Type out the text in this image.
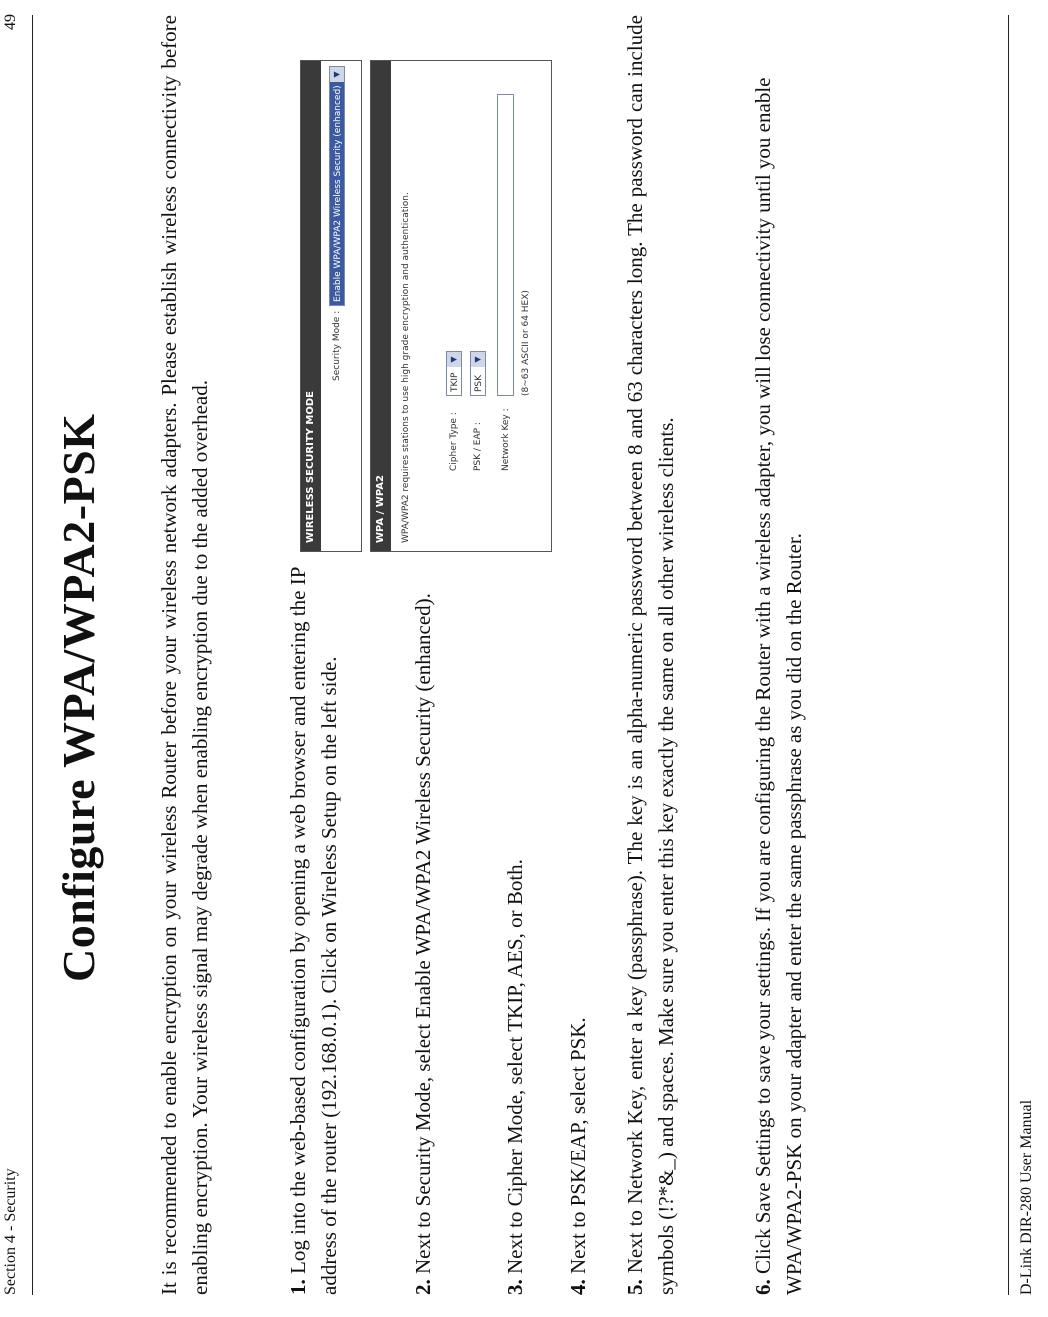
Section 4 - Security
49
Configure WPA/WPA2-PSK	It is recommended to enable encryption on your wireless Router before your wireless network adapters. Please establish wireless connectivity before enabling encryption. Your wireless signal may degrade when enabling encryption due to the added overhead.	1. Log into the web-based configuration by opening a web browser and entering the IP address of the router (192.168.0.1). Click on Wireless Setup on the left side.	2. Next to Security Mode, select Enable WPA/WPA2 Wireless Security (enhanced).
3. Next to Cipher Mode, select TKIP, AES, or Both.
4. Next to PSK/EAP, select PSK.
WIRELESS SECURITY MODE
Security Mode :
Enable WPA/WPA2 Wireless Security (enhanced)
▼
WPA / WPA2	WPA/WPA2 requires stations to use high grade encryption and authentication.	Cipher Type :
TKIP
▼
PSK / EAP :
PSK
▼
Network Key :
(8~63 ASCII or 64 HEX)
5. Next to Network Key, enter a key (passphrase). The key is an alpha-numeric password between 8 and 63 characters long. The password can include symbols (!?*&_) and spaces. Make sure you enter this key exactly the same on all other wireless clients.	6. Click Save Settings to save your settings. If you are configuring the Router with a wireless adapter, you will lose connectivity until you enable WPA/WPA2-PSK on your adapter and enter the same passphrase as you did on the Router.	D-Link DIR-280 User Manual
